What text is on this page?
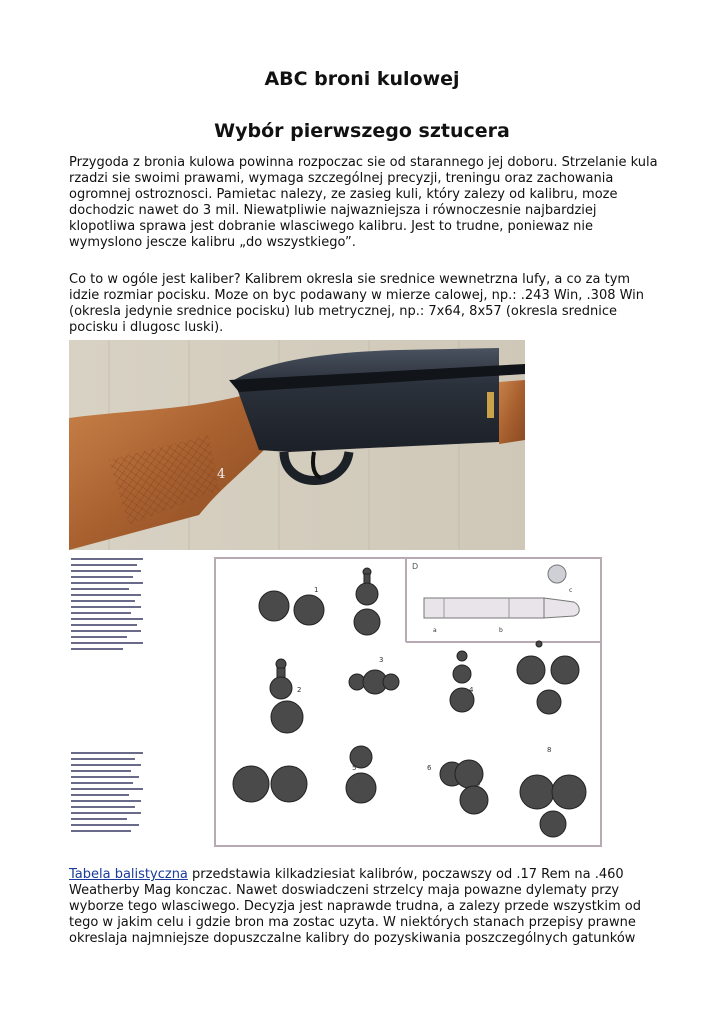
ABC broni kulowej
Wybór pierwszego sztucera

Przygoda z bronia kulowa powinna rozpoczac sie od starannego jej doboru. Strzelanie kula rzadzi sie swoimi prawami, wymaga szczególnej precyzji, treningu oraz zachowania ogromnej ostroznosci. Pamietac nalezy, ze zasieg kuli, który zalezy od kalibru, moze dochodzic nawet do 3 mil. Niewatpliwie najwazniejsza i równoczesnie najbardziej klopotliwa sprawa jest dobranie wlasciwego kalibru. Jest to trudne, poniewaz nie wymyslono jescze kalibru „do wszystkiego”.

Co to w ogóle jest kaliber? Kalibrem okresla sie srednice wewnetrzna lufy, a co za tym idzie rozmiar pocisku. Moze on byc podawany w mierze calowej, np.: .243 Win, .308 Win (okresla jedynie srednice pocisku) lub metrycznej, np.: 7x64, 8x57 (okresla srednice pocisku i dlugosc luski).

4
D
1
2
3
4
5	6
7
8
a	b
c

Tabela balistyczna przedstawia kilkadziesiat kalibrów, poczawszy od .17 Rem na .460 Weatherby Mag konczac. Nawet doswiadczeni strzelcy maja powazne dylematy przy wyborze tego wlasciwego. Decyzja jest naprawde trudna, a zalezy przede wszystkim od tego w jakim celu i gdzie bron ma zostac uzyta. W niektórych stanach przepisy prawne okreslaja najmniejsze dopuszczalne kalibry do pozyskiwania poszczególnych gatunków
